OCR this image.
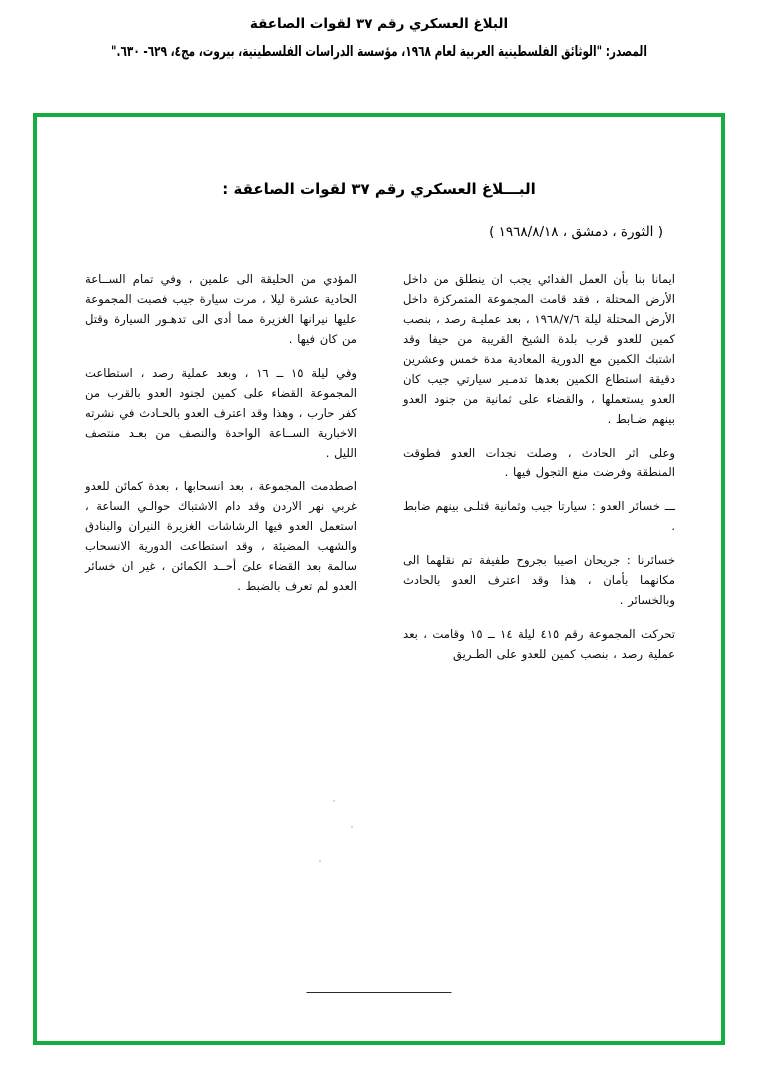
البلاغ العسكري رقم ٣٧ لقوات الصاعقة
المصدر: "الوثائق الفلسطينية العربية لعام ١٩٦٨، مؤسسة الدراسات الفلسطينية، بيروت، مج٤، ٦٢٩- ٦٣٠."
البـــلاغ العسكري رقم ٣٧ لقوات الصاعقة :
( الثورة ، دمشق ، ١٩٦٨/٨/١٨ )

ايمانا بنا بأن العمل الفدائي يجب ان ينطلق من داخل الأرض المحتلة ، فقد قامت المجموعة المتمركزة داخل الأرض المحتلة ليلة ١٩٦٨/٧/٦ ، بعد عمليـة رصد ، بنصب كمين للعدو قرب بلدة الشيخ القريبة من حيفا وقد اشتبك الكمين مع الدورية المعادية مدة خمس وعشرين دقيقة استطاع الكمين بعدها تدمـير سيارتي جيب كان العدو يستعملها ، والقضاء على ثمانية من جنود العدو بينهم ضـابط .

وعلى اثر الحادث ، وصلت نجدات العدو فطوقت المنطقة وفرضت منع التجول فيها .

ـــ خسائر العدو : سيارتا جيب وثمانية قتلـى بينهم ضابط .

خسائرنا : جريحان اصيبا بجروح طفيفة تم نقلهما الى مكانهما بأمان ، هذا وقد اعترف العدو بالحادث وبالخسائر .

تحركت المجموعة رقم ٤١٥ ليلة ١٤ ــ ١٥ وقامت ، بعد عملية رصد ، بنصب كمين للعدو على الطـريق

المؤدي من الحليقة الى علمين ، وفي تمام الســاعة الحادية عشرة ليلا ، مرت سيارة جيب فصبت المجموعة عليها نيرانها الغزيرة مما أدى الى تدهـور السيارة وقتل من كان فيها .

وفي ليلة ١٥ ــ ١٦ ، وبعد عملية رصد ، استطاعت المجموعة القضاء على كمين لجنود العدو بالقرب من كفر حارب ، وهذا وقد اعترف العدو بالحـادث في نشرته الاخبارية الســاعة الواحدة والنصف من بعـد منتصف الليل .

اصطدمت المجموعة ، بعد انسحابها ، بعدة كمائن للعدو غربي نهر الاردن وقد دام الاشتباك حوالـي الساعة ، استعمل العدو فيها الرشاشات الغزيرة النيران والبنادق والشهب المضيئة ، وقد استطاعت الدورية الانسحاب سالمة بعد القضاء علىَ أحــد الكمائن ، غير ان خسائر العدو لم تعرف بالضبط .
